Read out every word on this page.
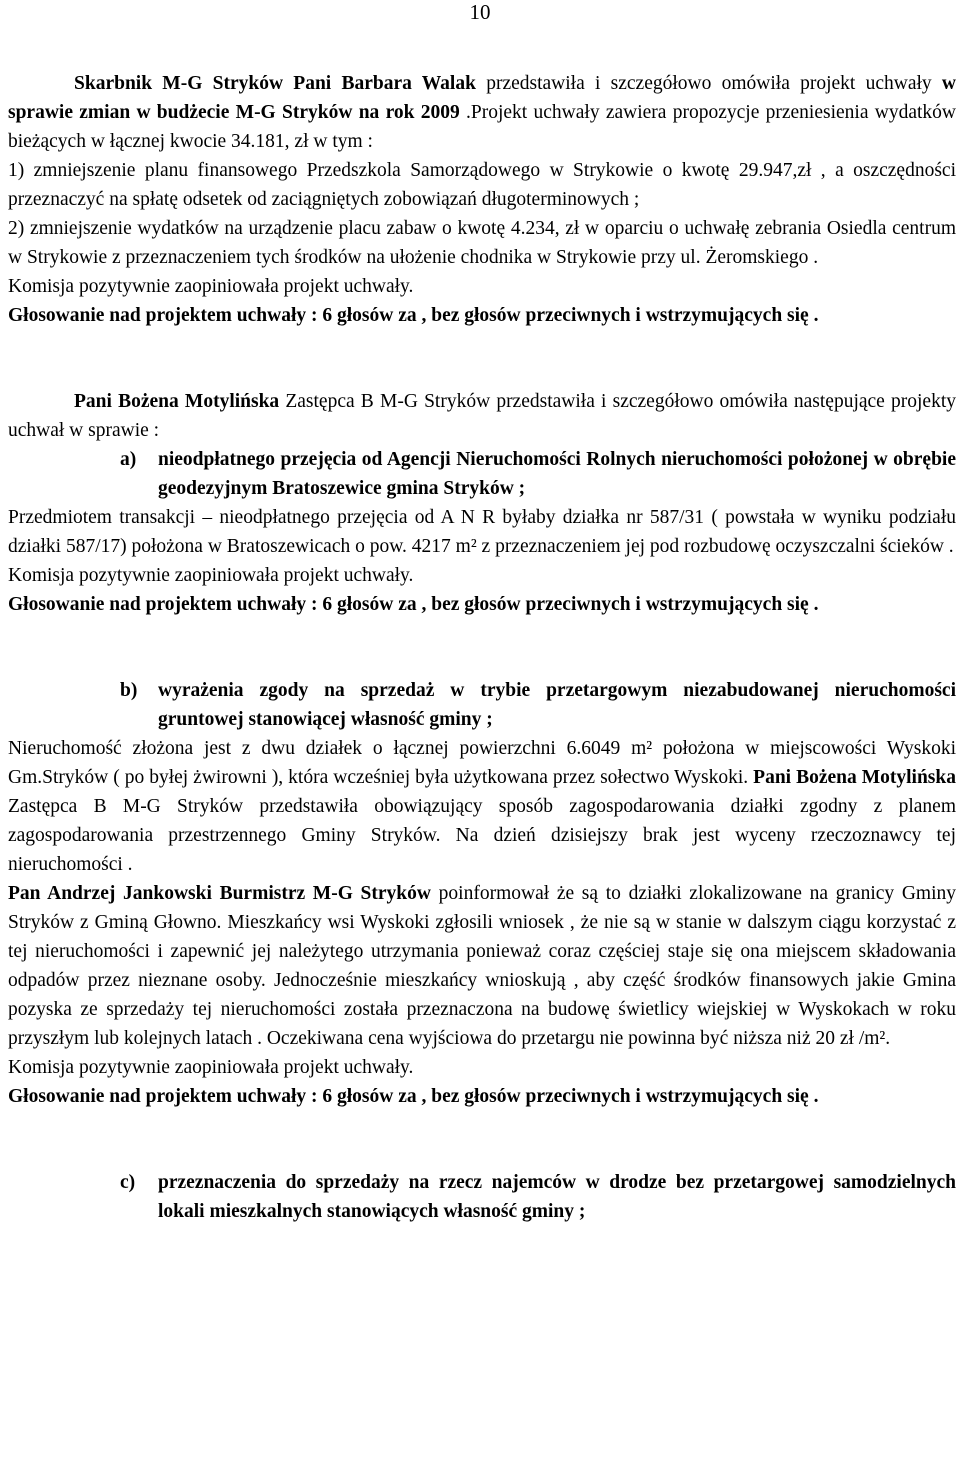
10

Skarbnik M-G Stryków Pani Barbara Walak przedstawiła i szczegółowo omówiła projekt uchwały w sprawie zmian w budżecie M-G Stryków na rok 2009 .Projekt uchwały zawiera propozycje przeniesienia wydatków bieżących w łącznej kwocie 34.181, zł w tym :

1) zmniejszenie planu finansowego Przedszkola Samorządowego w Strykowie o kwotę 29.947,zł , a oszczędności przeznaczyć na spłatę odsetek od zaciągniętych zobowiązań długoterminowych ;

2) zmniejszenie wydatków na urządzenie placu zabaw o kwotę 4.234, zł w oparciu o uchwałę zebrania Osiedla centrum w Strykowie z przeznaczeniem tych środków na ułożenie chodnika w Strykowie przy ul. Żeromskiego .

Komisja pozytywnie zaopiniowała projekt uchwały.

Głosowanie nad projektem uchwały : 6 głosów za , bez głosów przeciwnych i wstrzymujących się .

Pani Bożena Motylińska Zastępca B M-G Stryków przedstawiła i szczegółowo omówiła następujące projekty uchwał w sprawie :

a) nieodpłatnego przejęcia od Agencji Nieruchomości Rolnych nieruchomości położonej w obrębie geodezyjnym Bratoszewice gmina Stryków ;

Przedmiotem transakcji – nieodpłatnego przejęcia od A N R byłaby działka nr 587/31 ( powstała w wyniku podziału działki 587/17) położona w Bratoszewicach o pow. 4217 m² z przeznaczeniem jej pod rozbudowę oczyszczalni ścieków .

Komisja pozytywnie zaopiniowała projekt uchwały.

Głosowanie nad projektem uchwały : 6 głosów za , bez głosów przeciwnych i wstrzymujących się .

b) wyrażenia zgody na sprzedaż w trybie przetargowym niezabudowanej nieruchomości gruntowej stanowiącej własność gminy ;

Nieruchomość złożona jest z dwu działek o łącznej powierzchni 6.6049 m² położona w miejscowości Wyskoki Gm.Stryków ( po byłej żwirowni ), która wcześniej była użytkowana przez sołectwo Wyskoki. Pani Bożena Motylińska Zastępca B M-G Stryków przedstawiła obowiązujący sposób zagospodarowania działki zgodny z planem zagospodarowania przestrzennego Gminy Stryków. Na dzień dzisiejszy brak jest wyceny rzeczoznawcy tej nieruchomości .

Pan Andrzej Jankowski Burmistrz M-G Stryków poinformował że są to działki zlokalizowane na granicy Gminy Stryków z Gminą Głowno. Mieszkańcy wsi Wyskoki zgłosili wniosek , że nie są w stanie w dalszym ciągu korzystać z tej nieruchomości i zapewnić jej należytego utrzymania ponieważ coraz częściej staje się ona miejscem składowania odpadów przez nieznane osoby. Jednocześnie mieszkańcy wnioskują , aby część środków finansowych jakie Gmina pozyska ze sprzedaży tej nieruchomości została przeznaczona na budowę świetlicy wiejskiej w Wyskokach w roku przyszłym lub kolejnych latach . Oczekiwana cena wyjściowa do przetargu nie powinna być niższa niż 20 zł /m².

Komisja pozytywnie zaopiniowała projekt uchwały.

Głosowanie nad projektem uchwały : 6 głosów za , bez głosów przeciwnych i wstrzymujących się .

c) przeznaczenia do sprzedaży na rzecz najemców w drodze bez przetargowej samodzielnych lokali mieszkalnych stanowiących własność gminy ;
